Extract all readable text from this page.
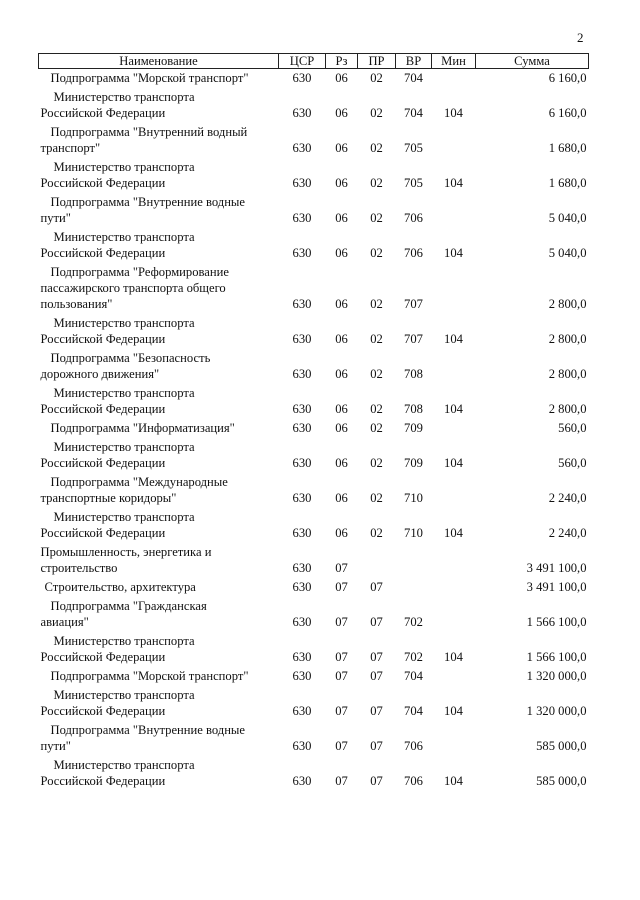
2
Наименование	ЦСР	Рз	ПР	ВР	Мин	Сумма
Подпрограмма "Морской транспорт"	630	06	02	704		6 160,0
Министерство транспорта
Российской Федерации	630	06	02	704	104	6 160,0
Подпрограмма "Внутренний водный
транспорт"	630	06	02	705		1 680,0
Министерство транспорта
Российской Федерации	630	06	02	705	104	1 680,0
Подпрограмма "Внутренние водные
пути"	630	06	02	706		5 040,0
Министерство транспорта
Российской Федерации	630	06	02	706	104	5 040,0
Подпрограмма "Реформирование
пассажирского транспорта общего
пользования"	630	06	02	707		2 800,0
Министерство транспорта
Российской Федерации	630	06	02	707	104	2 800,0
Подпрограмма "Безопасность
дорожного движения"	630	06	02	708		2 800,0
Министерство транспорта
Российской Федерации	630	06	02	708	104	2 800,0
Подпрограмма "Информатизация"	630	06	02	709		560,0
Министерство транспорта
Российской Федерации	630	06	02	709	104	560,0
Подпрограмма "Международные
транспортные коридоры"	630	06	02	710		2 240,0
Министерство транспорта
Российской Федерации	630	06	02	710	104	2 240,0
Промышленность, энергетика и
строительство	630	07				3 491 100,0
Строительство, архитектура	630	07	07			3 491 100,0
Подпрограмма "Гражданская
авиация"	630	07	07	702		1 566 100,0
Министерство транспорта
Российской Федерации	630	07	07	702	104	1 566 100,0
Подпрограмма "Морской транспорт"	630	07	07	704		1 320 000,0
Министерство транспорта
Российской Федерации	630	07	07	704	104	1 320 000,0
Подпрограмма "Внутренние водные
пути"	630	07	07	706		585 000,0
Министерство транспорта
Российской Федерации	630	07	07	706	104	585 000,0
